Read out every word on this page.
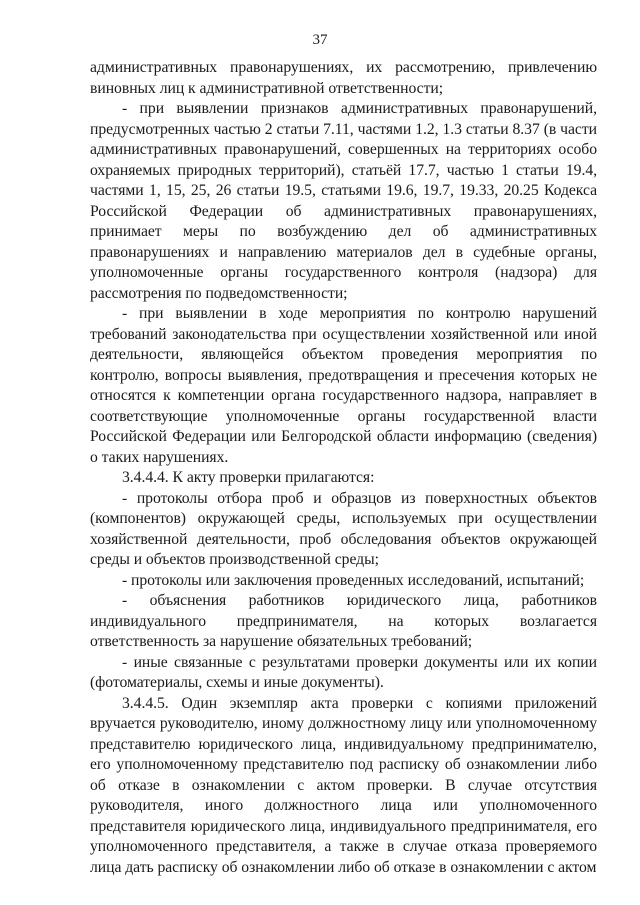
37

административных правонарушениях, их рассмотрению, привлечению виновных лиц к административной ответственности;

- при выявлении признаков административных правонарушений, предусмотренных частью 2 статьи 7.11, частями 1.2, 1.3 статьи 8.37 (в части административных правонарушений, совершенных на территориях особо охраняемых природных территорий), статьёй 17.7, частью 1 статьи 19.4, частями 1, 15, 25, 26 статьи 19.5, статьями 19.6, 19.7, 19.33, 20.25 Кодекса Российской Федерации об административных правонарушениях, принимает меры по возбуждению дел об административных правонарушениях и направлению материалов дел в судебные органы, уполномоченные органы государственного контроля (надзора) для рассмотрения по подведомственности;

- при выявлении в ходе мероприятия по контролю нарушений требований законодательства при осуществлении хозяйственной или иной деятельности, являющейся объектом проведения мероприятия по контролю, вопросы выявления, предотвращения и пресечения которых не относятся к компетенции органа государственного надзора, направляет в соответствующие уполномоченные органы государственной власти Российской Федерации или Белгородской области информацию (сведения) о таких нарушениях.

3.4.4.4. К акту проверки прилагаются:

- протоколы отбора проб и образцов из поверхностных объектов (компонентов) окружающей среды, используемых при осуществлении хозяйственной деятельности, проб обследования объектов окружающей среды и объектов производственной среды;

- протоколы или заключения проведенных исследований, испытаний;

- объяснения работников юридического лица, работников индивидуального предпринимателя, на которых возлагается ответственность за нарушение обязательных требований;

- иные связанные с результатами проверки документы или их копии (фотоматериалы, схемы и иные документы).

3.4.4.5. Один экземпляр акта проверки с копиями приложений вручается руководителю, иному должностному лицу или уполномоченному представителю юридического лица, индивидуальному предпринимателю, его уполномоченному представителю под расписку об ознакомлении либо об отказе в ознакомлении с актом проверки. В случае отсутствия руководителя, иного должностного лица или уполномоченного представителя юридического лица, индивидуального предпринимателя, его уполномоченного представителя, а также в случае отказа проверяемого лица дать расписку об ознакомлении либо об отказе в ознакомлении с актом
